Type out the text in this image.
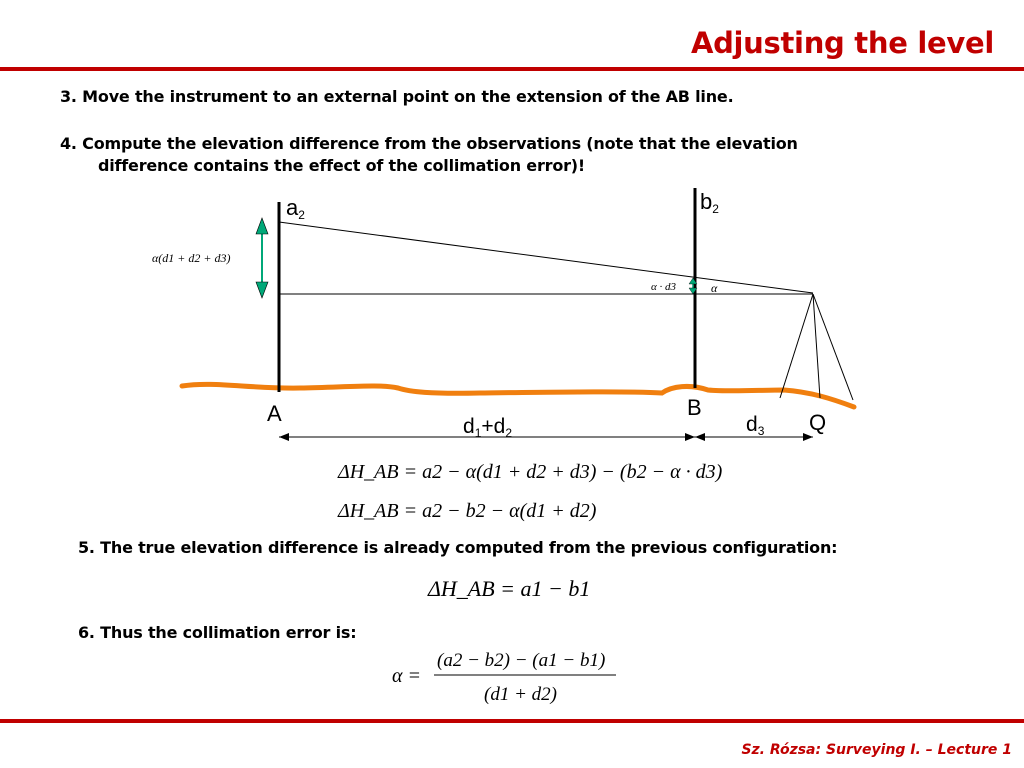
Adjusting the level
3. Move the instrument to an external point on the extension of the AB line.
4. Compute the elevation difference from the observations (note that the elevation
difference contains the effect of the collimation error)!
a2
b2
A	B
Q
d1+d2	d3
α(d1 + d2 + d3)
α · d3	α
ΔH_AB = a2 − α(d1 + d2 + d3) − (b2 − α · d3)
ΔH_AB = a2 − b2 − α(d1 + d2)
ΔH_AB = a1 − b1
α =
(a2 − b2) − (a1 − b1)
(d1 + d2)
5. The true elevation difference is already computed from the previous configuration:
6. Thus the collimation error is:
Sz. Rózsa: Surveying I. – Lecture 1
